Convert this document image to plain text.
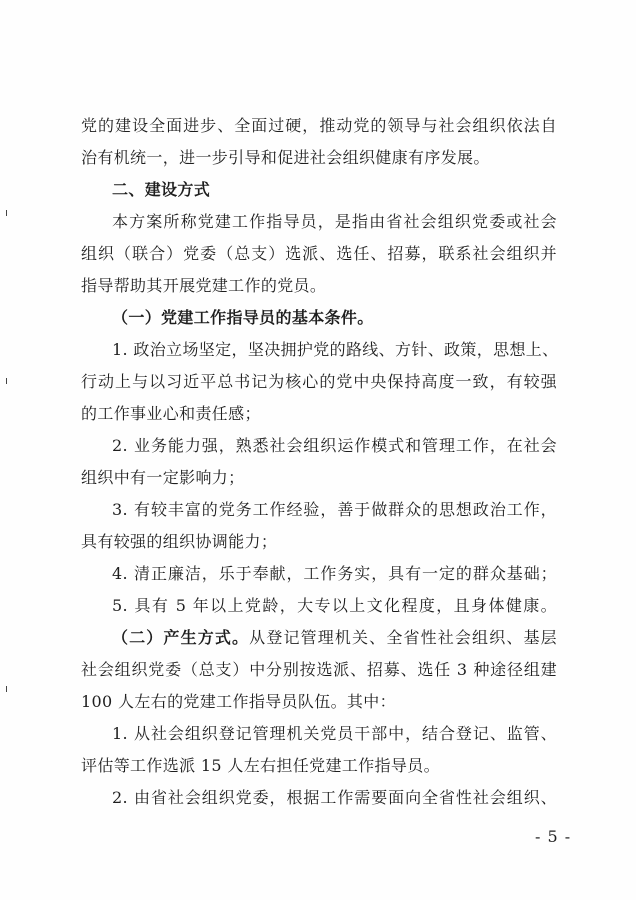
党的建设全面进步、全面过硬，推动党的领导与社会组织依法自
治有机统一，进一步引导和促进社会组织健康有序发展。
二、建设方式
本方案所称党建工作指导员，是指由省社会组织党委或社会
组织（联合）党委（总支）选派、选任、招募，联系社会组织并
指导帮助其开展党建工作的党员。
（一）党建工作指导员的基本条件。
1. 政治立场坚定，坚决拥护党的路线、方针、政策，思想上、
行动上与以习近平总书记为核心的党中央保持高度一致，有较强
的工作事业心和责任感；
2. 业务能力强，熟悉社会组织运作模式和管理工作，在社会
组织中有一定影响力；
3. 有较丰富的党务工作经验，善于做群众的思想政治工作，
具有较强的组织协调能力；
4. 清正廉洁，乐于奉献，工作务实，具有一定的群众基础；
5. 具有 5 年以上党龄，大专以上文化程度，且身体健康。
（二）产生方式。从登记管理机关、全省性社会组织、基层
社会组织党委（总支）中分别按选派、招募、选任 3 种途径组建
100 人左右的党建工作指导员队伍。其中：
1. 从社会组织登记管理机关党员干部中，结合登记、监管、
评估等工作选派 15 人左右担任党建工作指导员。
2. 由省社会组织党委，根据工作需要面向全省性社会组织、
- 5 -
